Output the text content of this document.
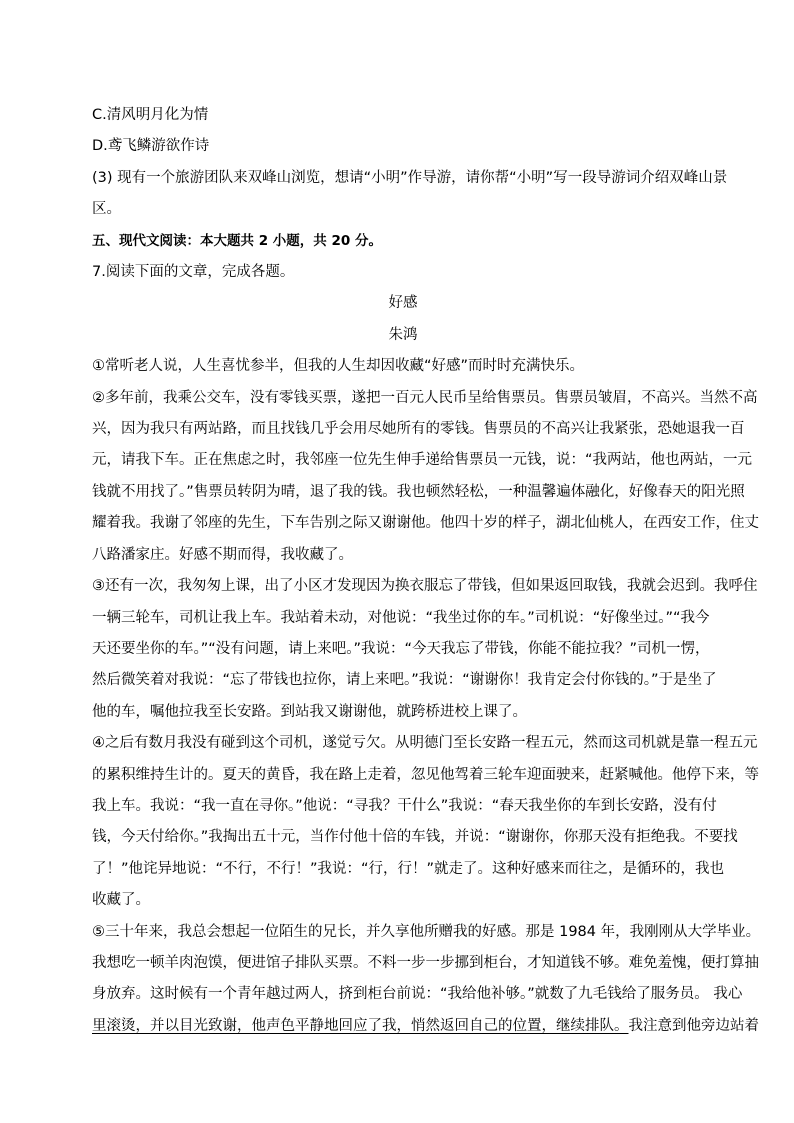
C.清风明月化为情
D.鸢飞鳞游欲作诗
(3) 现有一个旅游团队来双峰山浏览，想请“小明”作导游，请你帮“小明”写一段导游词介绍双峰山景
区。
五、现代文阅读：本大题共 2 小题，共 20 分。
7.阅读下面的文章，完成各题。
好感
朱鸿
①常听老人说，人生喜忧参半，但我的人生却因收藏“好感”而时时充满快乐。
②多年前，我乘公交车，没有零钱买票，遂把一百元人民币呈给售票员。售票员皱眉，不高兴。当然不高
兴，因为我只有两站路，而且找钱几乎会用尽她所有的零钱。售票员的不高兴让我紧张，恐她退我一百
元，请我下车。正在焦虑之时，我邻座一位先生伸手递给售票员一元钱，说：“我两站，他也两站，一元
钱就不用找了。”售票员转阴为晴，退了我的钱。我也顿然轻松，一种温馨遍体融化，好像春天的阳光照
耀着我。我谢了邻座的先生，下车告别之际又谢谢他。他四十岁的样子，湖北仙桃人，在西安工作，住丈
八路潘家庄。好感不期而得，我收藏了。
③还有一次，我匆匆上课，出了小区才发现因为换衣服忘了带钱，但如果返回取钱，我就会迟到。我呼住
一辆三轮车，司机让我上车。我站着未动，对他说：“我坐过你的车。”司机说：“好像坐过。”“我今
天还要坐你的车。”“没有问题，请上来吧。”我说：“今天我忘了带钱，你能不能拉我？”司机一愣，
然后微笑着对我说：“忘了带钱也拉你，请上来吧。”我说：“谢谢你！我肯定会付你钱的。”于是坐了
他的车，嘱他拉我至长安路。到站我又谢谢他，就跨桥进校上课了。
④之后有数月我没有碰到这个司机，遂觉亏欠。从明德门至长安路一程五元，然而这司机就是靠一程五元
的累积维持生计的。夏天的黄昏，我在路上走着，忽见他驾着三轮车迎面驶来，赶紧喊他。他停下来，等
我上车。我说：“我一直在寻你。”他说：“寻我？干什么”我说：“春天我坐你的车到长安路，没有付
钱，今天付给你。”我掏出五十元，当作付他十倍的车钱，并说：“谢谢你，你那天没有拒绝我。不要找
了！”他诧异地说：“不行，不行！”我说：“行，行！”就走了。这种好感来而往之，是循环的，我也
收藏了。
⑤三十年来，我总会想起一位陌生的兄长，并久享他所赠我的好感。那是 1984 年，我刚刚从大学毕业。
我想吃一顿羊肉泡馍，便进馆子排队买票。不料一步一步挪到柜台，才知道钱不够。难免羞愧，便打算抽
身放弃。这时候有一个青年越过两人，挤到柜台前说：“我给他补够。”就数了九毛钱给了服务员。 我心
里滚烫，并以目光致谢，他声色平静地回应了我，悄然返回自己的位置，继续排队。我注意到他旁边站着
